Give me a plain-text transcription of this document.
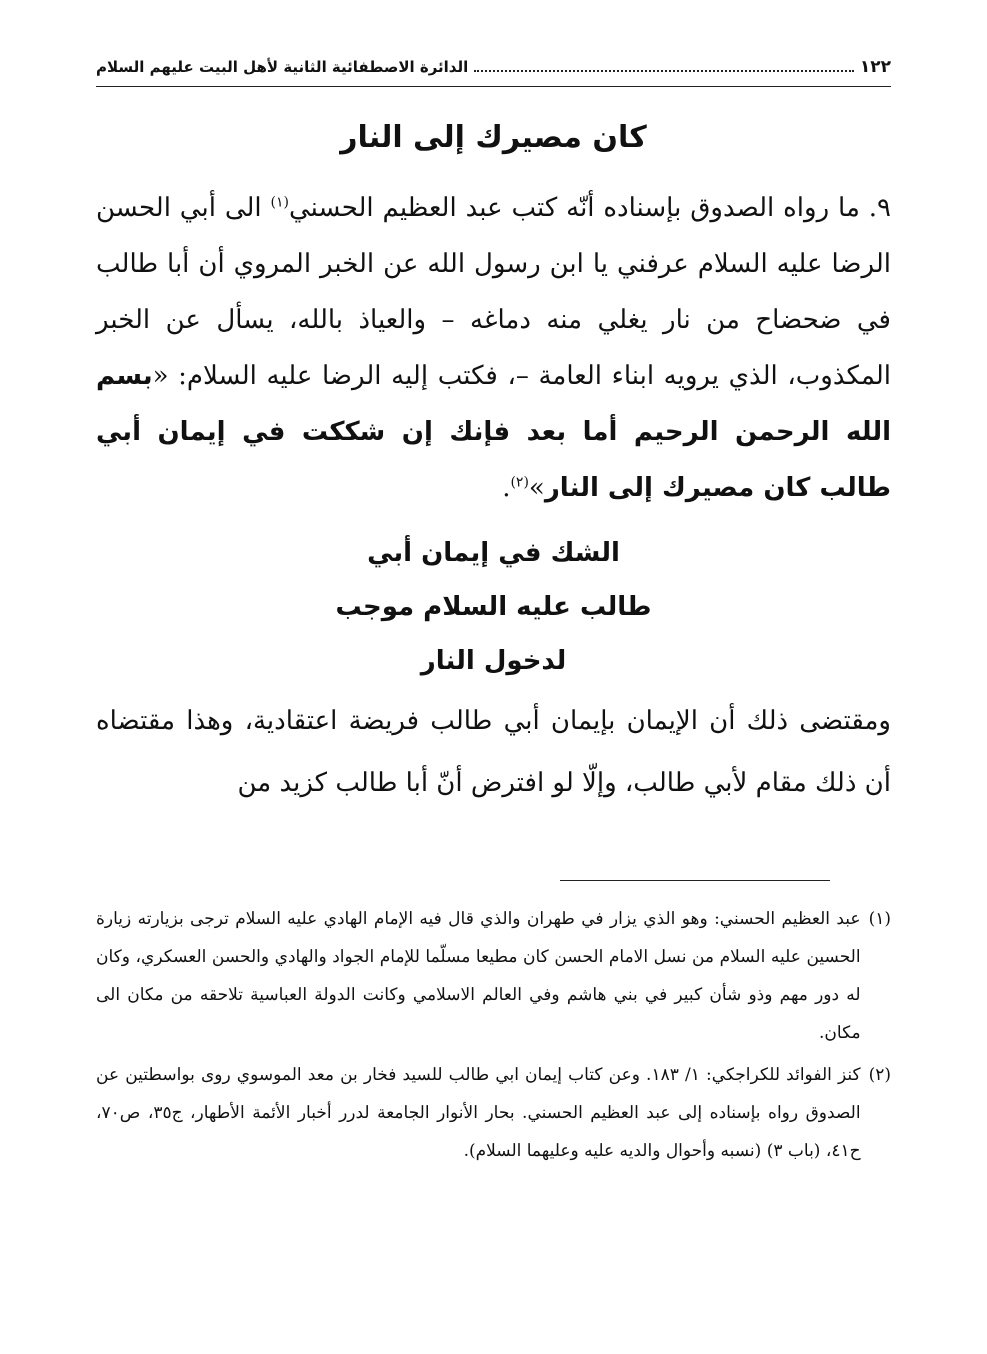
١٢٢
الدائرة الاصطفائية الثانية لأهل البيت عليهم السلام
كان مصيرك إلى النار

٩. ما رواه الصدوق بإسناده أنّه كتب عبد العظيم الحسني$^{(١)}$ الى أبي الحسن الرضا عليه السلام عرفني يا ابن رسول الله عن الخبر المروي أن أبا طالب في ضحضاح من نار يغلي منه دماغه – والعياذ بالله، يسأل عن الخبر المكذوب، الذي يرويه ابناء العامة –، فكتب إليه الرضا عليه السلام: «بسم الله الرحمن الرحيم أما بعد فإنك إن شككت في إيمان أبي طالب كان مصيرك إلى النار»$^{(٢)}$.

الشك في إيمان أبي
طالب عليه السلام موجب
لدخول النار

ومقتضى ذلك أن الإيمان بإيمان أبي طالب فريضة اعتقادية، وهذا مقتضاه أن ذلك مقام لأبي طالب، وإلّا لو افترض أنّ أبا طالب كزيد من

(١)
عبد العظيم الحسني: وهو الذي يزار في طهران والذي قال فيه الإمام الهادي عليه السلام ترجى بزيارته زيارة الحسين عليه السلام من نسل الامام الحسن كان مطيعا مسلّما للإمام الجواد والهادي والحسن العسكري، وكان له دور مهم وذو شأن كبير في بني هاشم وفي العالم الاسلامي وكانت الدولة العباسية تلاحقه من مكان الى مكان.
(٢)
كنز الفوائد للكراجكي: ١/ ١٨٣. وعن كتاب إيمان ابي طالب للسيد فخار بن معد الموسوي روى بواسطتين عن الصدوق رواه بإسناده إلى عبد العظيم الحسني. بحار الأنوار الجامعة لدرر أخبار الأئمة الأطهار، ج٣٥، ص٧٠، ح٤١، (باب ٣) (نسبه وأحوال والديه عليه وعليهما السلام).
